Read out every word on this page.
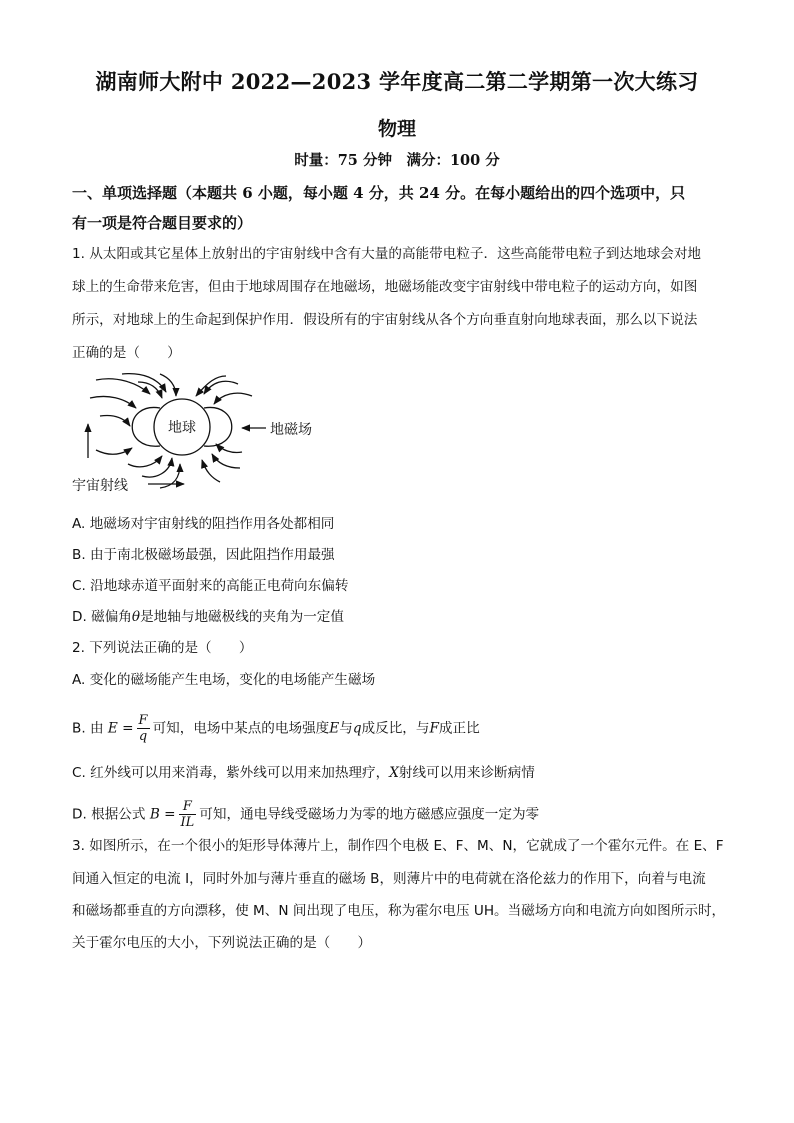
湖南师大附中 2022—2023 学年度高二第二学期第一次大练习
物理
时量：75 分钟　满分：100 分
一、单项选择题（本题共 6 小题，每小题 4 分，共 24 分。在每小题给出的四个选项中，只
有一项是符合题目要求的）
1. 从太阳或其它星体上放射出的宇宙射线中含有大量的高能带电粒子．这些高能带电粒子到达地球会对地
球上的生命带来危害，但由于地球周围存在地磁场，地磁场能改变宇宙射线中带电粒子的运动方向，如图
所示，对地球上的生命起到保护作用．假设所有的宇宙射线从各个方向垂直射向地球表面，那么以下说法
正确的是（　　）
地球	地磁场
宇宙射线
A. 地磁场对宇宙射线的阻挡作用各处都相同
B. 由于南北极磁场最强，因此阻挡作用最强
C. 沿地球赤道平面射来的高能正电荷向东偏转
D. 磁偏角θ是地轴与地磁极线的夹角为一定值
2. 下列说法正确的是（　　）
A. 变化的磁场能产生电场，变化的电场能产生磁场
B. 由 $E = \frac{F}{q}$ 可知，电场中某点的电场强度E与q成反比，与F成正比
C. 红外线可以用来消毒，紫外线可以用来加热理疗，X射线可以用来诊断病情
D. 根据公式 $B = \frac{F}{IL}$ 可知，通电导线受磁场力为零的地方磁感应强度一定为零
3. 如图所示，在一个很小的矩形导体薄片上，制作四个电极 E、F、M、N，它就成了一个霍尔元件。在 E、F
间通入恒定的电流 I，同时外加与薄片垂直的磁场 B，则薄片中的电荷就在洛伦兹力的作用下，向着与电流
和磁场都垂直的方向漂移，使 M、N 间出现了电压，称为霍尔电压 UH。当磁场方向和电流方向如图所示时，
关于霍尔电压的大小，下列说法正确的是（　　）
